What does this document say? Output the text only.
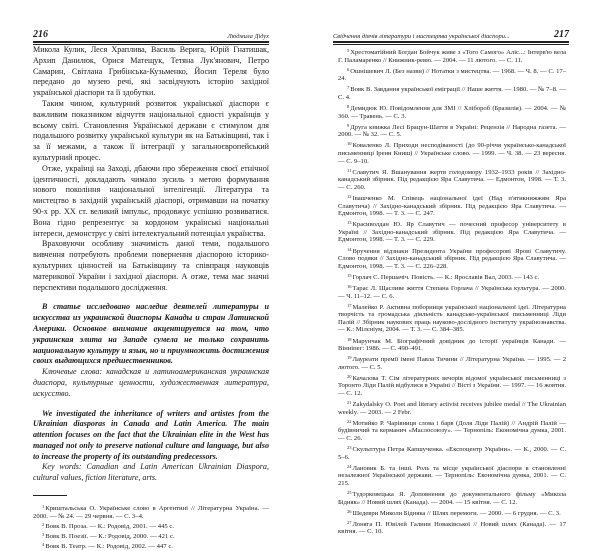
216	Людмила Дідух

Микола Кулик, Леся Храплива, Василь Верига, Юрій Гнатишак, Архип Данилюк, Орися Матещук, Тетяна Лук'янович, Петро Самарин, Світлана Грибінська-Кузьменко, Йосип Тереля було передано до музею речі, які засвідчують історію західної української діаспори та її здобутки.

Таким чином, культурний розвиток української діаспори є важливим показником відчуття національної єдності українців у всьому світі. Становлення Української держави є стимулом для подальшого розвитку української культури як на Батьківщині, так і за її межами, а також її інтеграції у загальноєвропейський культурний процес.

Отже, українці на Заході, дбаючи про збереження своєї етнічної ідентичності, докладають чимало зусиль з метою формування нового покоління національної інтелігенції. Література та мистецтво в західній українській діаспорі, отримавши на початку 90-х рр. XX ст. великий імпульс, продовжує успішно розвиватися. Вона гідно репрезентує за кордоном українські національні інтереси, демонструє у світі інтелектуальний потенціал українства.

Враховуючи особливу значимість даної теми, подальшого вивчення потребують проблеми повернення діаспорою історико-культурних цінностей на Батьківщину та співпраця науковців материкової України і західної діаспори. А отже, тема має значні перспективи подальшого дослідження.

В статье исследовано наследие деятелей литературы и искусства из украинской диаспоры Канады и стран Латинской Америки. Основное внимание акцентируется на том, что украинская элита на Западе сумела не только сохранить национальную культуру и язык, но и приумножить достижения своих выдающихся предшественников.

Ключевые слова: канадская и латиноамериканская украинская диаспора, культурные ценности, художественная литература, искусство.

We investigated the inheritance of writers and artistes from the Ukrainian diasporas in Canada and Latin America. The main attention focuses on the fact that the Ukrainian elite in the West has managed not only to preserve national culture and language, but also to increase the property of its outstanding predecessors.

Key words: Canadian and Latin American Ukrainian Diaspora, cultural values, fiction literature, arts.

$^1$Криштальська О. Українське слово в Аргентині // Літературна Україна. — 2000. — № 24. — 29 червня. — С. 3–4.

$^2$Вовк В. Проза. — К.: Родовід, 2001. — 445 с.

$^3$Вовк В. Поезії. — К.: Родовід, 2000. — 421 с.

$^4$Вовк В. Театр. — К.: Родовід, 2002. — 447 с.

Свідчення діячів літератури і мистецтва української діаспори...	217

$^5$Хрестоматійний Богдан Бойчук живе з «Того Самого» Аліс...: Інтерв'ю вела Г. Паламаренко // Книжник-ревю. — 2004. — 11 лютого. — С. 11.

$^6$Ошнішевич Л. (Без назви) // Нотатки з мистецтва. — 1968. — Ч. 8. — С. 17–24.

$^7$Вовк В. Завдання української еміграції // Наше життя. — 1980. — № 7–8. — С. 4.

$^8$Демидюк Ю. Повідомлення для ЗМІ // Хлібороб (Бразилія). — 2004. — № 360. — Травень. — С. 3.

$^9$Друга книжка Лесі Брацун-Шатти в Україні: Рецензія // Народна газета. — 2000. — № 32. — С. 5.

$^{10}$Коваленко Л. Приходи несподіваності (до 90-річчя українсько-канадської письменниці Ірени Книш) // Українське слово. — 1999. — Ч. 38. — 23 вересня. — С. 9–10.

$^{11}$Славутич Я. Вшанування жертв голодомору 1932–1933 років // Західно-канадський збірник. Під редакцією Яра Славутича. — Едмонтон, 1998. — Т. 3. — С. 260.

$^{12}$Івашченко М. Співець національної ідеї (Над п'ятикнижжям Яра Славутича) // Західно-канадський збірник. Під редакцією Яра Славутича. — Едмонтон, 1998. — Т. 3. — С. 247.

$^{13}$Красиволдан Ю. Яр Славутич — почесний професор університету в Україні // Західно-канадський збірник. Під редакцією Яра Славутича. — Едмонтон, 1998. — Т. 3. — С. 229.

$^{14}$Вручення відзнаки Президента України професорові Ярові Славутичу. Слово подяки // Західно-канадський збірник. Під редакцією Яра Славутича. — Едмонтон, 1998. — Т. 3. — С. 226–228.

$^{15}$Горлач С. Першачіч. Повість. — К.: Ярославів Вал, 2003. — 143 с.

$^{16}$Тарас Л. Щасливе життя Степана Горлача // Українська культура. — 2000. — Ч. 11–12. — С. 6.

$^{17}$Малейко Р. Активна поборниця української національної ідеї. Літературна творчість та громадська діяльність канадсько-української письменниці Ліди Палій // Збірник наукових праць науково-дослідного інституту українознавства. — К.: Мілєніум, 2004. — Т. 3. — С. 384–385.

$^{18}$Марунчак М. Біографічний довідник до історії українців Канади. — Вінніпег: 1986. — С. 490–491.

$^{19}$Лауреати премії імені Павла Тичини // Літературна Україна. — 1995. — 2 лютого. — С. 5.

$^{20}$Качалова Т. Сім літературних вечорів відомої української письменниці з Торонто Ліди Палій відбулися в Україні // Вісті з України. — 1997. — 16 жовтня. — С. 12.

$^{21}$Zakydalsky O. Poet and literary activist receives jubilee medal // The Ukrainian weekly. — 2003. — 2 Febr.

$^{22}$Мотийко Р. Чарівниця слова і барв (Доля Ліди Палій) // Андрій Палій — будівничий та керманич «Маслосоюзу». — Тернопіль: Економічна думка, 2001. — С. 26.

$^{23}$Скульптура Петра Капшученка. «Експоцентр України». — К., 2000. — С. 5–6.

$^{24}$Лановик Б. та інші. Роль та місце української діаспори в становленні незалежної Української держави. — Тернопіль: Економічна думка, 2001. — С. 215.

$^{25}$Тудорковецька Я. Доповнення до документального фільму «Микола Бідняк» // Новий шлях (Канада). — 2004. — 15 квітня. — С. 12.

$^{26}$Шедеври Миколи Бідняка // Шлях перемоги. — 2000. — 6 грудня. — С. 3.

$^{27}$Лоняга П. Ювілей Галини Новаківської // Новий шлях (Канада). — 17 квітня. — С. 10.
